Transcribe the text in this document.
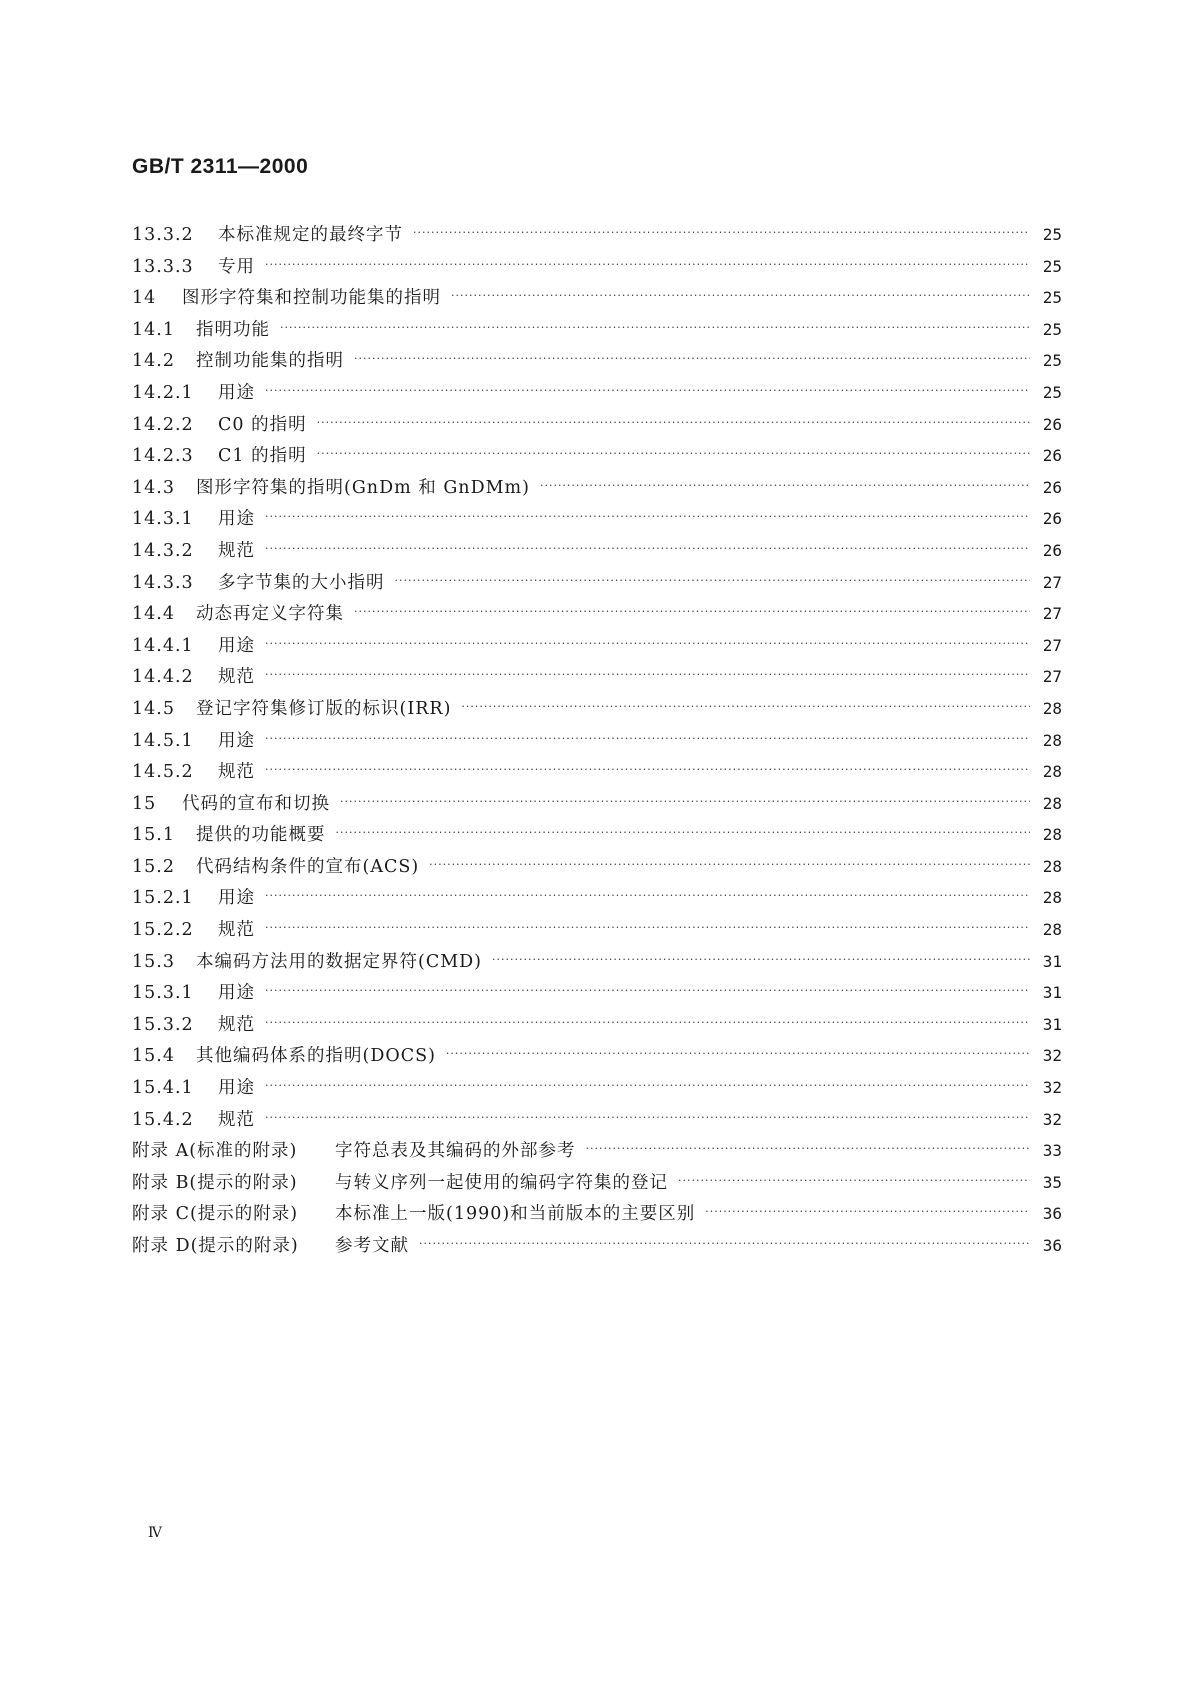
GB/T 2311—2000
13.3.2	本标准规定的最终字节 ·····	25
13.3.3	专用 ·····	25
14	图形字符集和控制功能集的指明 ·····	25
14.1	指明功能 ·····	25
14.2	控制功能集的指明 ·····	25
14.2.1	用途 ·····	25
14.2.2	C0 的指明 ·····	26
14.2.3	C1 的指明 ·····	26
14.3	图形字符集的指明(GnDm 和 GnDMm) ·····	26
14.3.1	用途 ·····	26
14.3.2	规范 ·····	26
14.3.3	多字节集的大小指明 ·····	27
14.4	动态再定义字符集 ·····	27
14.4.1	用途 ·····	27
14.4.2	规范 ·····	27
14.5	登记字符集修订版的标识(IRR) ·····	28
14.5.1	用途 ·····	28
14.5.2	规范 ·····	28
15	代码的宣布和切换 ·····	28
15.1	提供的功能概要 ·····	28
15.2	代码结构条件的宣布(ACS) ·····	28
15.2.1	用途 ·····	28
15.2.2	规范 ·····	28
15.3	本编码方法用的数据定界符(CMD) ·····	31
15.3.1	用途 ·····	31
15.3.2	规范 ·····	31
15.4	其他编码体系的指明(DOCS) ·····	32
15.4.1	用途 ·····	32
15.4.2	规范 ·····	32
附录 A(标准的附录)	字符总表及其编码的外部参考 ·····	33
附录 B(提示的附录)	与转义序列一起使用的编码字符集的登记 ·····	35
附录 C(提示的附录)	本标准上一版(1990)和当前版本的主要区别 ·····	36
附录 D(提示的附录)	参考文献 ·····	36
Ⅳ
